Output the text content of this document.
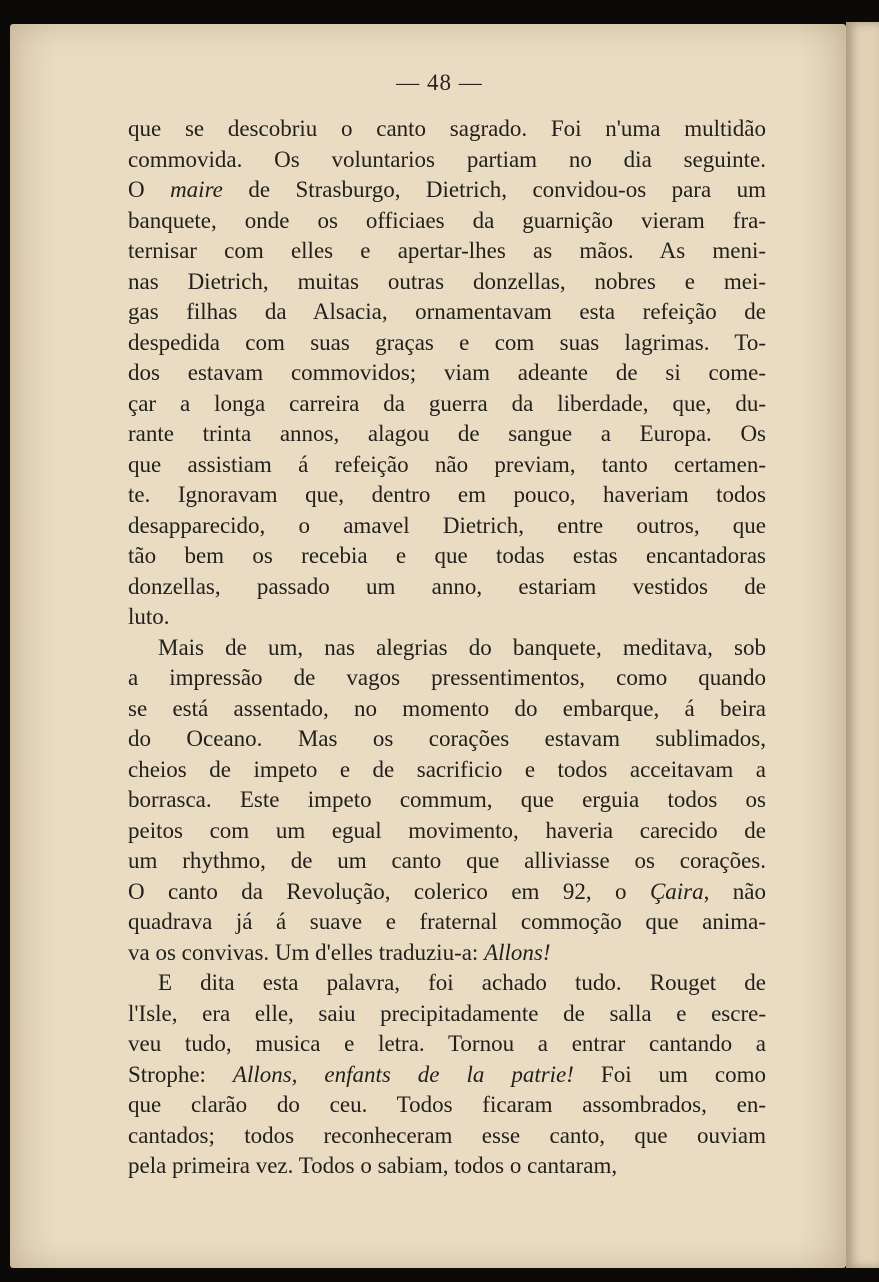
— 48 —
que se descobriu o canto sagrado. Foi n'uma multidão
commovida. Os voluntarios partiam no dia seguinte.
O maire de Strasburgo, Dietrich, convidou-os para um
banquete, onde os officiaes da guarnição vieram fra-
ternisar com elles e apertar-lhes as mãos. As meni-
nas Dietrich, muitas outras donzellas, nobres e mei-
gas filhas da Alsacia, ornamentavam esta refeição de
despedida com suas graças e com suas lagrimas. To-
dos estavam commovidos; viam adeante de si come-
çar a longa carreira da guerra da liberdade, que, du-
rante trinta annos, alagou de sangue a Europa. Os
que assistiam á refeição não previam, tanto certamen-
te. Ignoravam que, dentro em pouco, haveriam todos
desapparecido, o amavel Dietrich, entre outros, que
tão bem os recebia e que todas estas encantadoras
donzellas, passado um anno, estariam vestidos de
luto.
Mais de um, nas alegrias do banquete, meditava, sob
a impressão de vagos pressentimentos, como quando
se está assentado, no momento do embarque, á beira
do Oceano. Mas os corações estavam sublimados,
cheios de impeto e de sacrificio e todos acceitavam a
borrasca. Este impeto commum, que erguia todos os
peitos com um egual movimento, haveria carecido de
um rhythmo, de um canto que alliviasse os corações.
O canto da Revolução, colerico em 92, o Çaira, não
quadrava já á suave e fraternal commoção que anima-
va os convivas. Um d'elles traduziu-a: Allons!
E dita esta palavra, foi achado tudo. Rouget de
l'Isle, era elle, saiu precipitadamente de salla e escre-
veu tudo, musica e letra. Tornou a entrar cantando a
Strophe: Allons, enfants de la patrie! Foi um como
que clarão do ceu. Todos ficaram assombrados, en-
cantados; todos reconheceram esse canto, que ouviam
pela primeira vez. Todos o sabiam, todos o cantaram,
